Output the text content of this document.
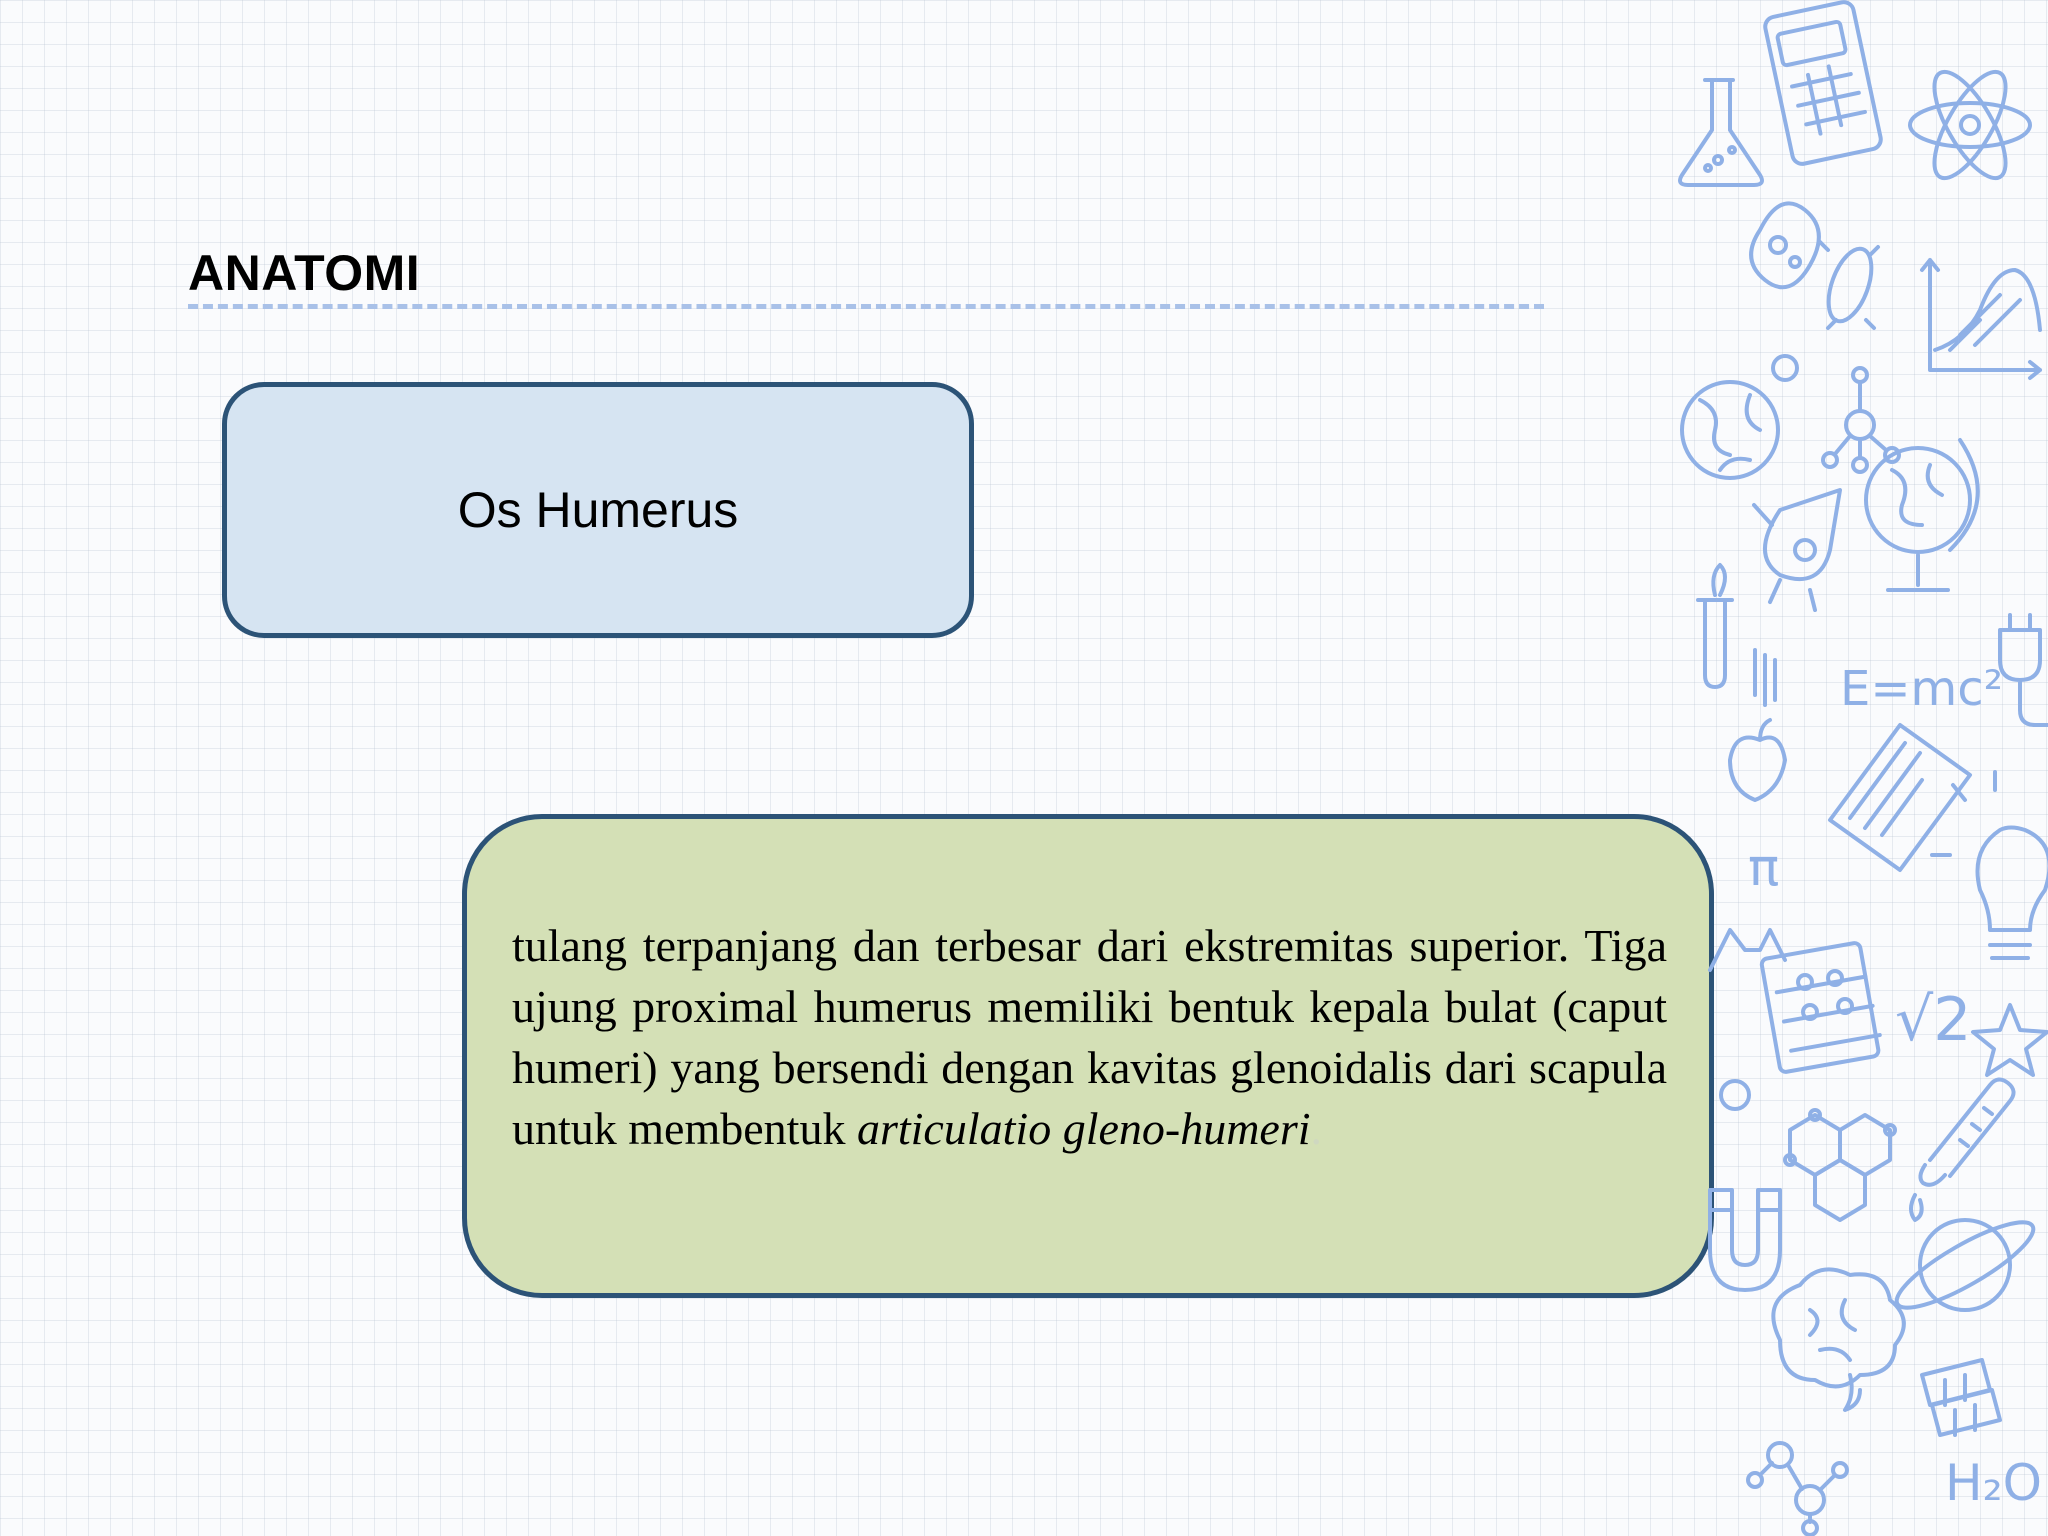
ANATOMI
Os Humerus

tulang terpanjang dan terbesar dari ekstremitas superior. Tiga ujung proximal humerus memiliki bentuk kepala bulat (caput humeri) yang bersendi dengan kavitas glenoidalis dari scapula untuk membentuk articulatio gleno-humeri.

E=mc²
π
√2
H₂O
